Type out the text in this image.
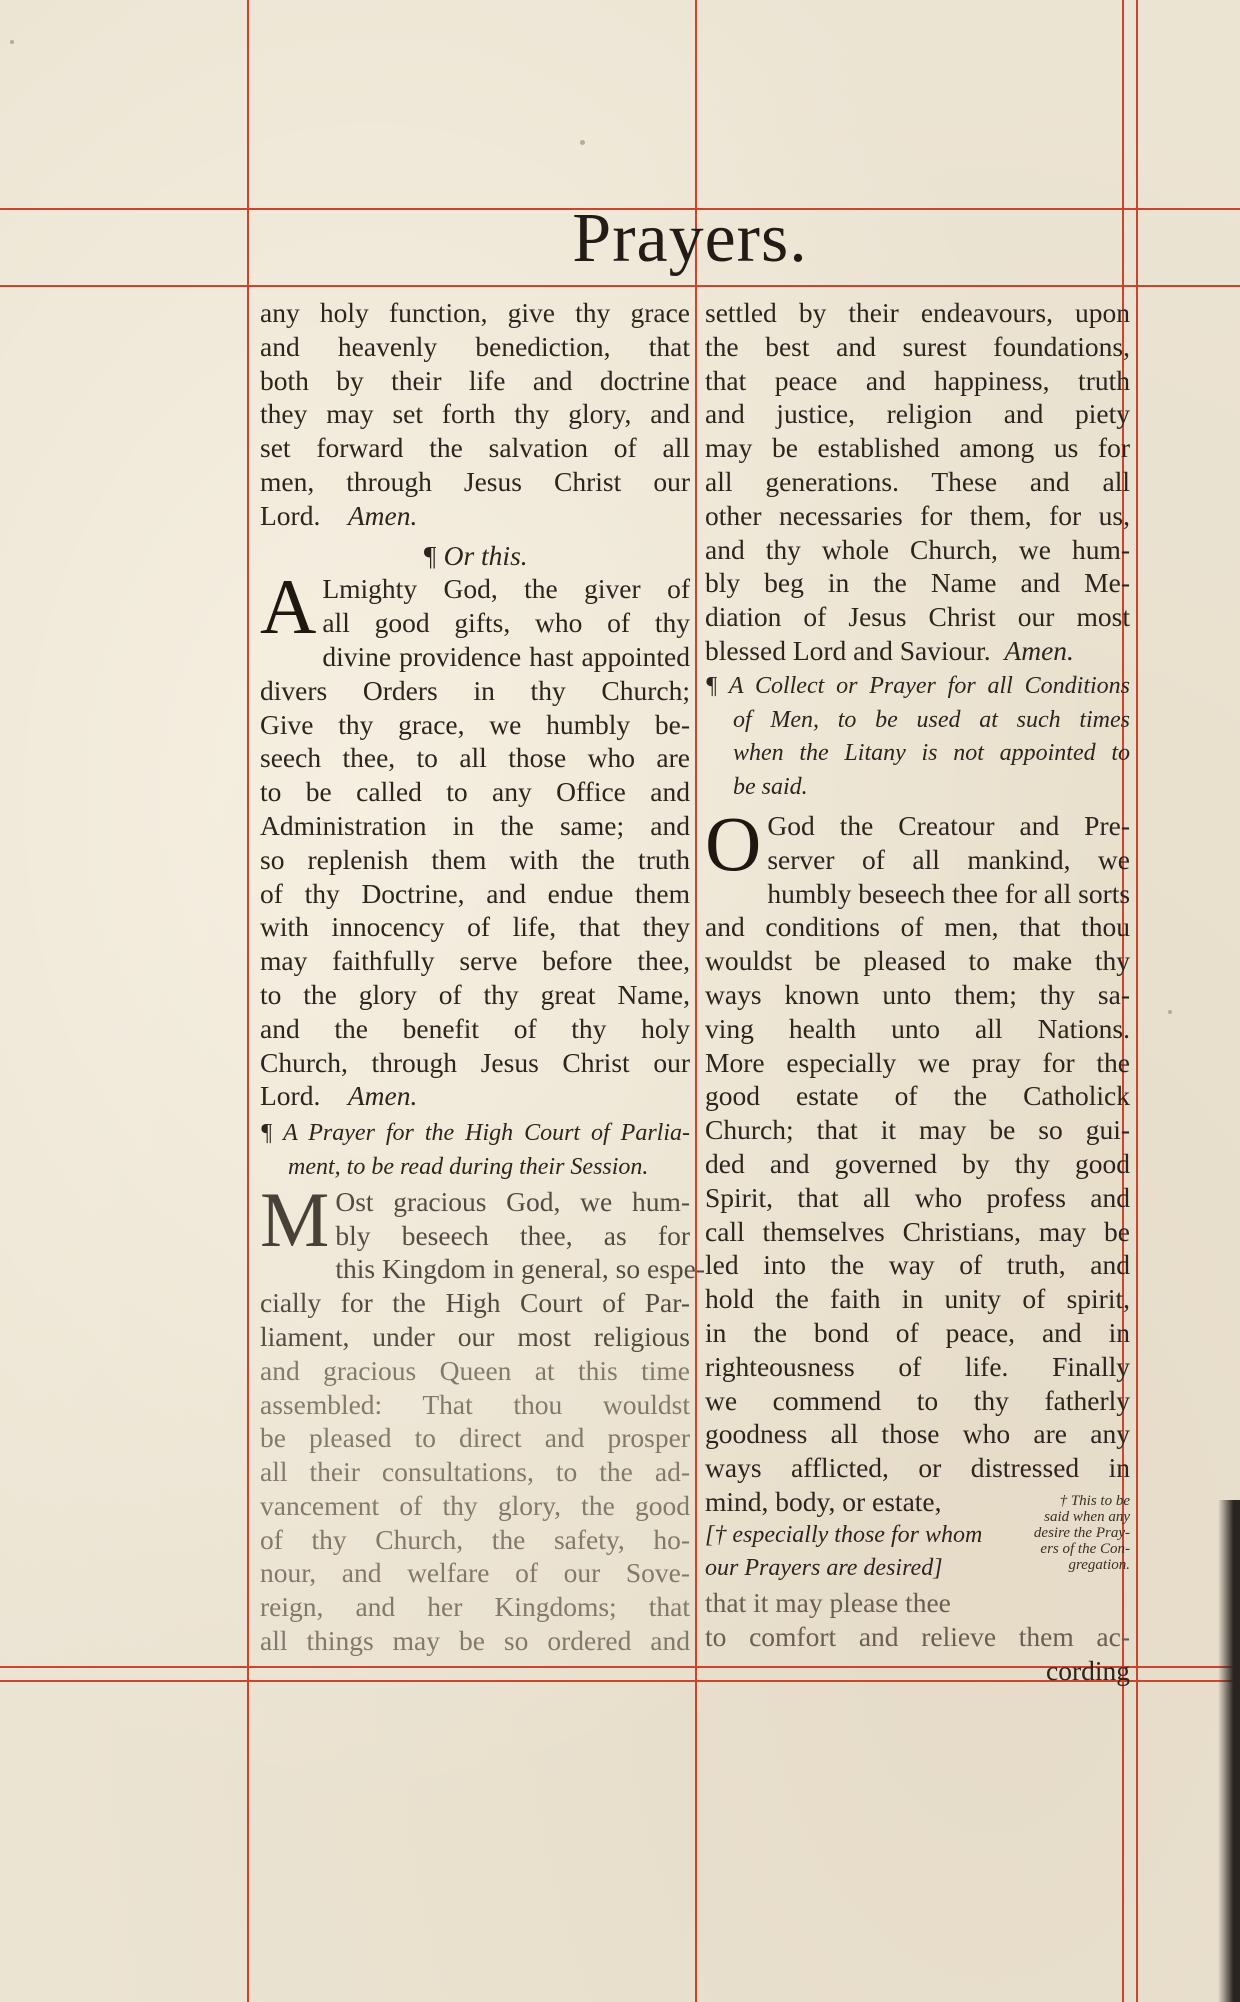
Prayers.
any holy function, give thy grace
and heavenly benediction, that
both by their life and doctrine
they may set forth thy glory, and
set forward the salvation of all
men, through Jesus Christ our
Lord. Amen.
¶ Or this.
A Lmighty God, the giver of
all good gifts, who of thy
divine providence hast appointed
divers Orders in thy Church;
Give thy grace, we humbly be-
seech thee, to all those who are
to be called to any Office and
Administration in the same; and
so replenish them with the truth
of thy Doctrine, and endue them
with innocency of life, that they
may faithfully serve before thee,
to the glory of thy great Name,
and the benefit of thy holy
Church, through Jesus Christ our
Lord. Amen.
¶ A Prayer for the High Court of Parlia-
ment, to be read during their Session.
M Ost gracious God, we hum-
bly beseech thee, as for
this Kingdom in general, so espe-
cially for the High Court of Par-
liament, under our most religious
and gracious Queen at this time
assembled: That thou wouldst
be pleased to direct and prosper
all their consultations, to the ad-
vancement of thy glory, the good
of thy Church, the safety, ho-
nour, and welfare of our Sove-
reign, and her Kingdoms; that
all things may be so ordered and
settled by their endeavours, upon
the best and surest foundations,
that peace and happiness, truth
and justice, religion and piety
may be established among us for
all generations. These and all
other necessaries for them, for us,
and thy whole Church, we hum-
bly beg in the Name and Me-
diation of Jesus Christ our most
blessed Lord and Saviour. Amen.
¶ A Collect or Prayer for all Conditions
of Men, to be used at such times
when the Litany is not appointed to
be said.
O God the Creatour and Pre-
server of all mankind, we
humbly beseech thee for all sorts
and conditions of men, that thou
wouldst be pleased to make thy
ways known unto them; thy sa-
ving health unto all Nations.
More especially we pray for the
good estate of the Catholick
Church; that it may be so gui-
ded and governed by thy good
Spirit, that all who profess and
call themselves Christians, may be
led into the way of truth, and
hold the faith in unity of spirit,
in the bond of peace, and in
righteousness of life. Finally
we commend to thy fatherly
goodness all those who are any
ways afflicted, or distressed in
mind, body, or estate,
[† especially those for whom
our Prayers are desired]
that it may please thee
† This to be
said when any
desire the Pray-
ers of the Con-
gregation.
to comfort and relieve them ac-
cording
